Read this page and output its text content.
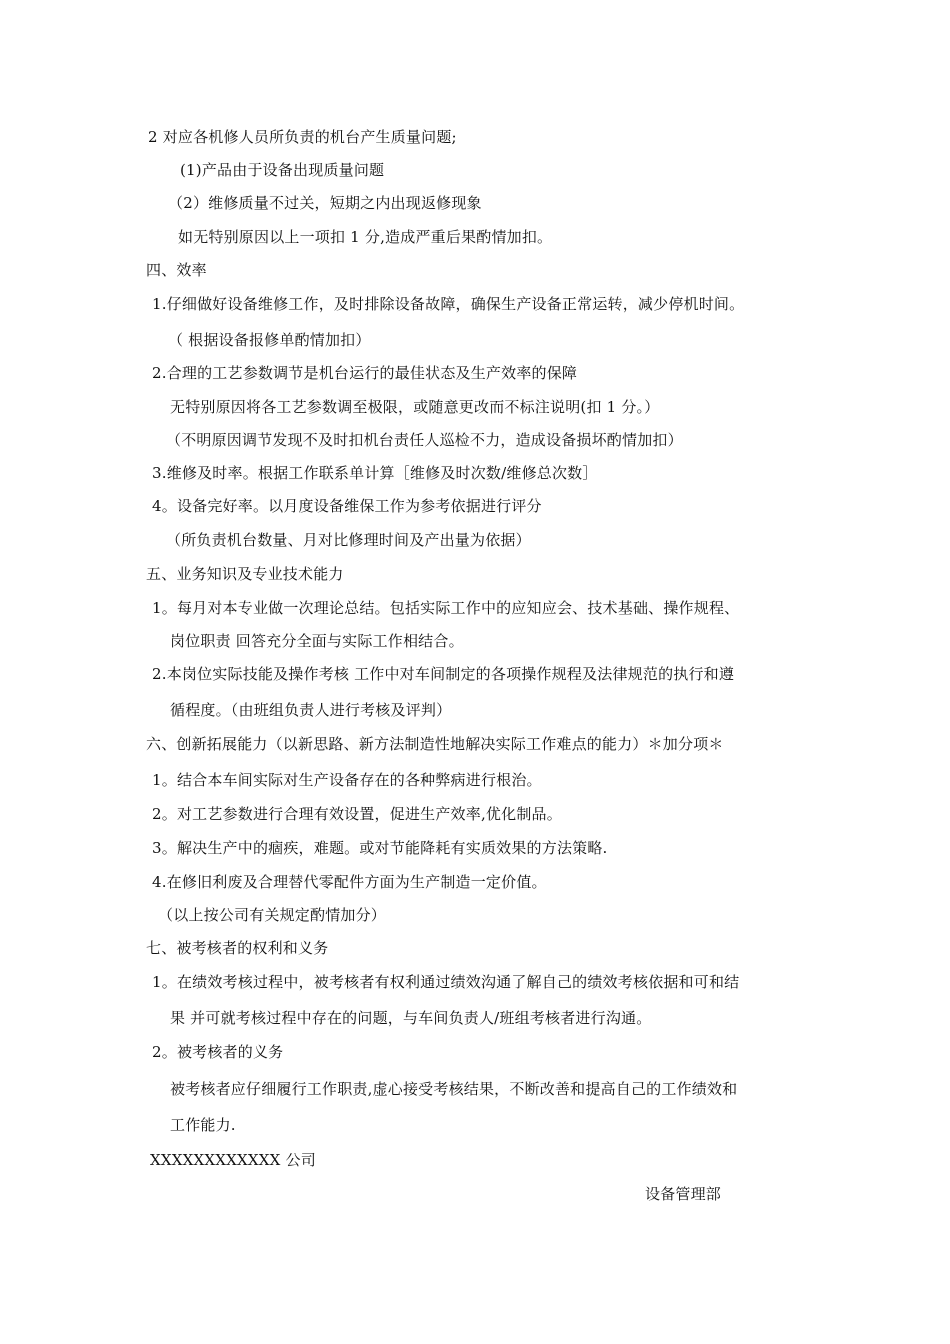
2 对应各机修人员所负责的机台产生质量问题;
(1)产品由于设备出现质量问题
（2）维修质量不过关，短期之内出现返修现象
如无特别原因以上一项扣 1 分,造成严重后果酌情加扣。
四、效率
1.仔细做好设备维修工作，及时排除设备故障，确保生产设备正常运转，减少停机时间。
（ 根据设备报修单酌情加扣）
2.合理的工艺参数调节是机台运行的最佳状态及生产效率的保障
无特别原因将各工艺参数调至极限，或随意更改而不标注说明(扣 1 分。）
（不明原因调节发现不及时扣机台责任人巡检不力，造成设备损坏酌情加扣）
3.维修及时率。根据工作联系单计算［维修及时次数/维修总次数］
4。设备完好率。以月度设备维保工作为参考依据进行评分
（所负责机台数量、月对比修理时间及产出量为依据）
五、业务知识及专业技术能力
1。每月对本专业做一次理论总结。包括实际工作中的应知应会、技术基础、操作规程、
岗位职责 回答充分全面与实际工作相结合。
2.本岗位实际技能及操作考核 工作中对车间制定的各项操作规程及法律规范的执行和遵
循程度。（由班组负责人进行考核及评判）
六、创新拓展能力（以新思路、新方法制造性地解决实际工作难点的能力）＊加分项＊
1。结合本车间实际对生产设备存在的各种弊病进行根治。
2。对工艺参数进行合理有效设置，促进生产效率,优化制品。
3。解决生产中的痼疾，难题。或对节能降耗有实质效果的方法策略.
4.在修旧利废及合理替代零配件方面为生产制造一定价值。
（以上按公司有关规定酌情加分）
七、被考核者的权利和义务
1。在绩效考核过程中，被考核者有权利通过绩效沟通了解自己的绩效考核依据和可和结
果 并可就考核过程中存在的问题，与车间负责人/班组考核者进行沟通。
2。被考核者的义务
被考核者应仔细履行工作职责,虚心接受考核结果，不断改善和提高自己的工作绩效和
工作能力.
XXXXXXXXXXXX 公司
设备管理部
